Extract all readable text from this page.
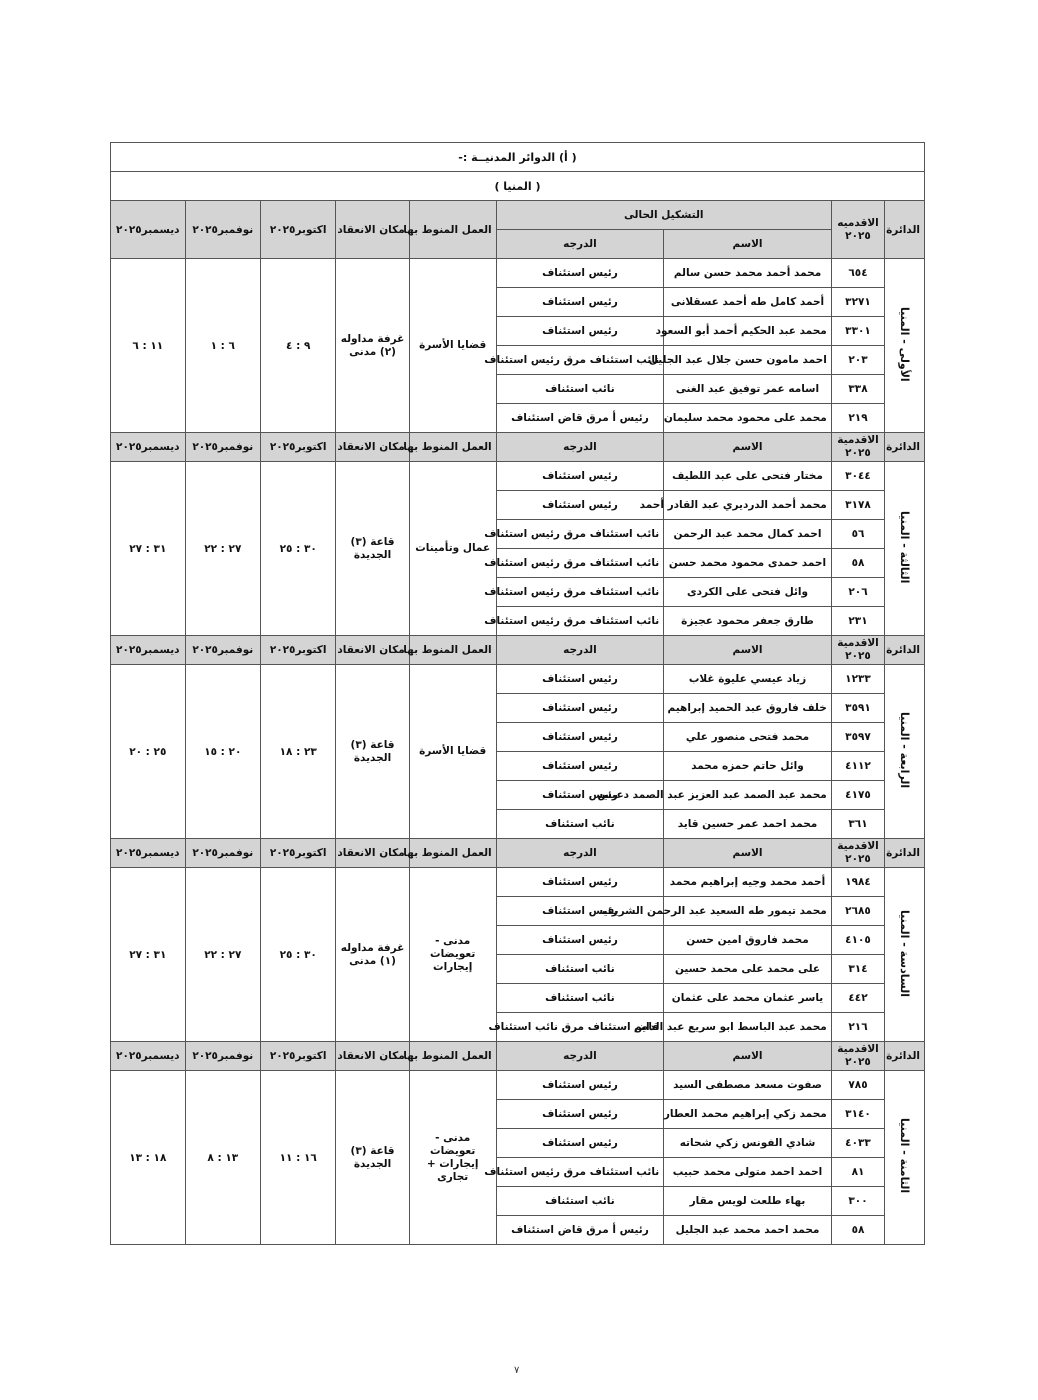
( أ) الدوائر المدنيــة :-								
( المنيا )								
الدائرة	الاقدميه ٢٠٢٥	التشكيل الحالى		العمل المنوط بها	مكان الانعقاد	اكتوبر٢٠٢٥	نوفمبر٢٠٢٥	ديسمبر٢٠٢٥
		الاسم	الدرجه					
الأولى - المنيا	٦٥٤	محمد أحمد محمد حسن سالم	رئيس استئناف	قضايا الأسرة	غرفة مداوله (٢) مدنى	٩ : ٤	٦ : ١	١١ : ٦
	٣٢٧١	أحمد كامل طه أحمد عسقلانى	رئيس استئناف					
	٣٣٠١	محمد عبد الحكيم أحمد أبو السعود	رئيس استئناف					
	٢٠٣	احمد مامون حسن جلال عبد الجليل	نائب استئناف مرق رئيس استئناف					
	٣٣٨	اسامه عمر توفيق عبد الغنى	نائب استئناف					
	٢١٩	محمد على محمود محمد سليمان	رئيس أ مرق قاض استئناف					
الدائرة	الاقدمية ٢٠٢٥	الاسم	الدرجه	العمل المنوط بها	مكان الانعقاد	اكتوبر٢٠٢٥	نوفمبر٢٠٢٥	ديسمبر٢٠٢٥
الثالثة - المنيا	٣٠٤٤	مختار فتحى على عبد اللطيف	رئيس استئناف	عمال وتأمينات	قاعة (٣) الجديدة	٣٠ : ٢٥	٢٧ : ٢٢	٣١ : ٢٧
	٣١٧٨	محمد أحمد الدرديري عبد القادر أحمد	رئيس استئناف					
	٥٦	احمد كمال محمد عبد الرحمن	نائب استئناف مرق رئيس استئناف					
	٥٨	احمد حمدى محمود محمد حسن	نائب استئناف مرق رئيس استئناف					
	٢٠٦	وائل فتحى على الكردى	نائب استئناف مرق رئيس استئناف					
	٢٣١	طارق جعفر محمود عجيزة	نائب استئناف مرق رئيس استئناف					
الدائرة	الاقدمية ٢٠٢٥	الاسم	الدرجه	العمل المنوط بها	مكان الانعقاد	اكتوبر٢٠٢٥	نوفمبر٢٠٢٥	ديسمبر٢٠٢٥
الرابعة - المنيا	١٢٣٣	زياد عيسي عليوة غلاب	رئيس استئناف	قضايا الأسرة	قاعة (٣) الجديدة	٢٣ : ١٨	٢٠ : ١٥	٢٥ : ٢٠
	٣٥٩١	خلف فاروق عبد الحميد إبراهيم	رئيس استئناف					
	٣٥٩٧	محمد فتحى منصور علي	رئيس استئناف					
	٤١١٢	وائل حاتم حمزه محمد	رئيس استئناف					
	٤١٧٥	محمد عبد الصمد عبد العزيز عبد الصمد دعبس	رئيس استئناف					
	٣٦١	محمد احمد عمر حسين قايد	نائب استئناف					
الدائرة	الاقدمية ٢٠٢٥	الاسم	الدرجه	العمل المنوط بها	مكان الانعقاد	اكتوبر٢٠٢٥	نوفمبر٢٠٢٥	ديسمبر٢٠٢٥
السادسة - المنيا	١٩٨٤	أحمد محمد وجيه إبراهيم محمد	رئيس استئناف	مدنى - تعويضات إيجارات	غرفة مداوله (١) مدنى	٣٠ : ٢٥	٢٧ : ٢٢	٣١ : ٢٧
	٢٦٨٥	محمد تيمور طه السعيد عبد الرحمن الشريف	رئيس استئناف					
	٤١٠٥	محمد فاروق امين حسن	رئيس استئناف					
	٣١٤	على محمد على محمد حسين	نائب استئناف					
	٤٤٢	ياسر عثمان محمد على عثمان	نائب استئناف					
	٢١٦	محمد عبد الباسط ابو سريع عبد الدايم	قاض استئناف مرق نائب استئناف					
الدائرة	الاقدمية ٢٠٢٥	الاسم	الدرجه	العمل المنوط بها	مكان الانعقاد	اكتوبر٢٠٢٥	نوفمبر٢٠٢٥	ديسمبر٢٠٢٥
الثامنة - المنيا	٧٨٥	صفوت مسعد مصطفى السيد	رئيس استئناف	مدنى - تعويضات إيجارات + تجارى	قاعة (٣) الجديدة	١٦ : ١١	١٣ : ٨	١٨ : ١٣
	٣١٤٠	محمد زكي إبراهيم محمد العطار	رئيس استئناف					
	٤٠٣٣	شادي الفونس زكي شحاته	رئيس استئناف					
	٨١	احمد احمد متولى محمد حبيب	نائب استئناف مرق رئيس استئناف					
	٣٠٠	بهاء طلعت لويس مقار	نائب استئناف					
	٥٨	محمد احمد محمد عبد الجليل	رئيس أ مرق قاض استئناف					
٧
